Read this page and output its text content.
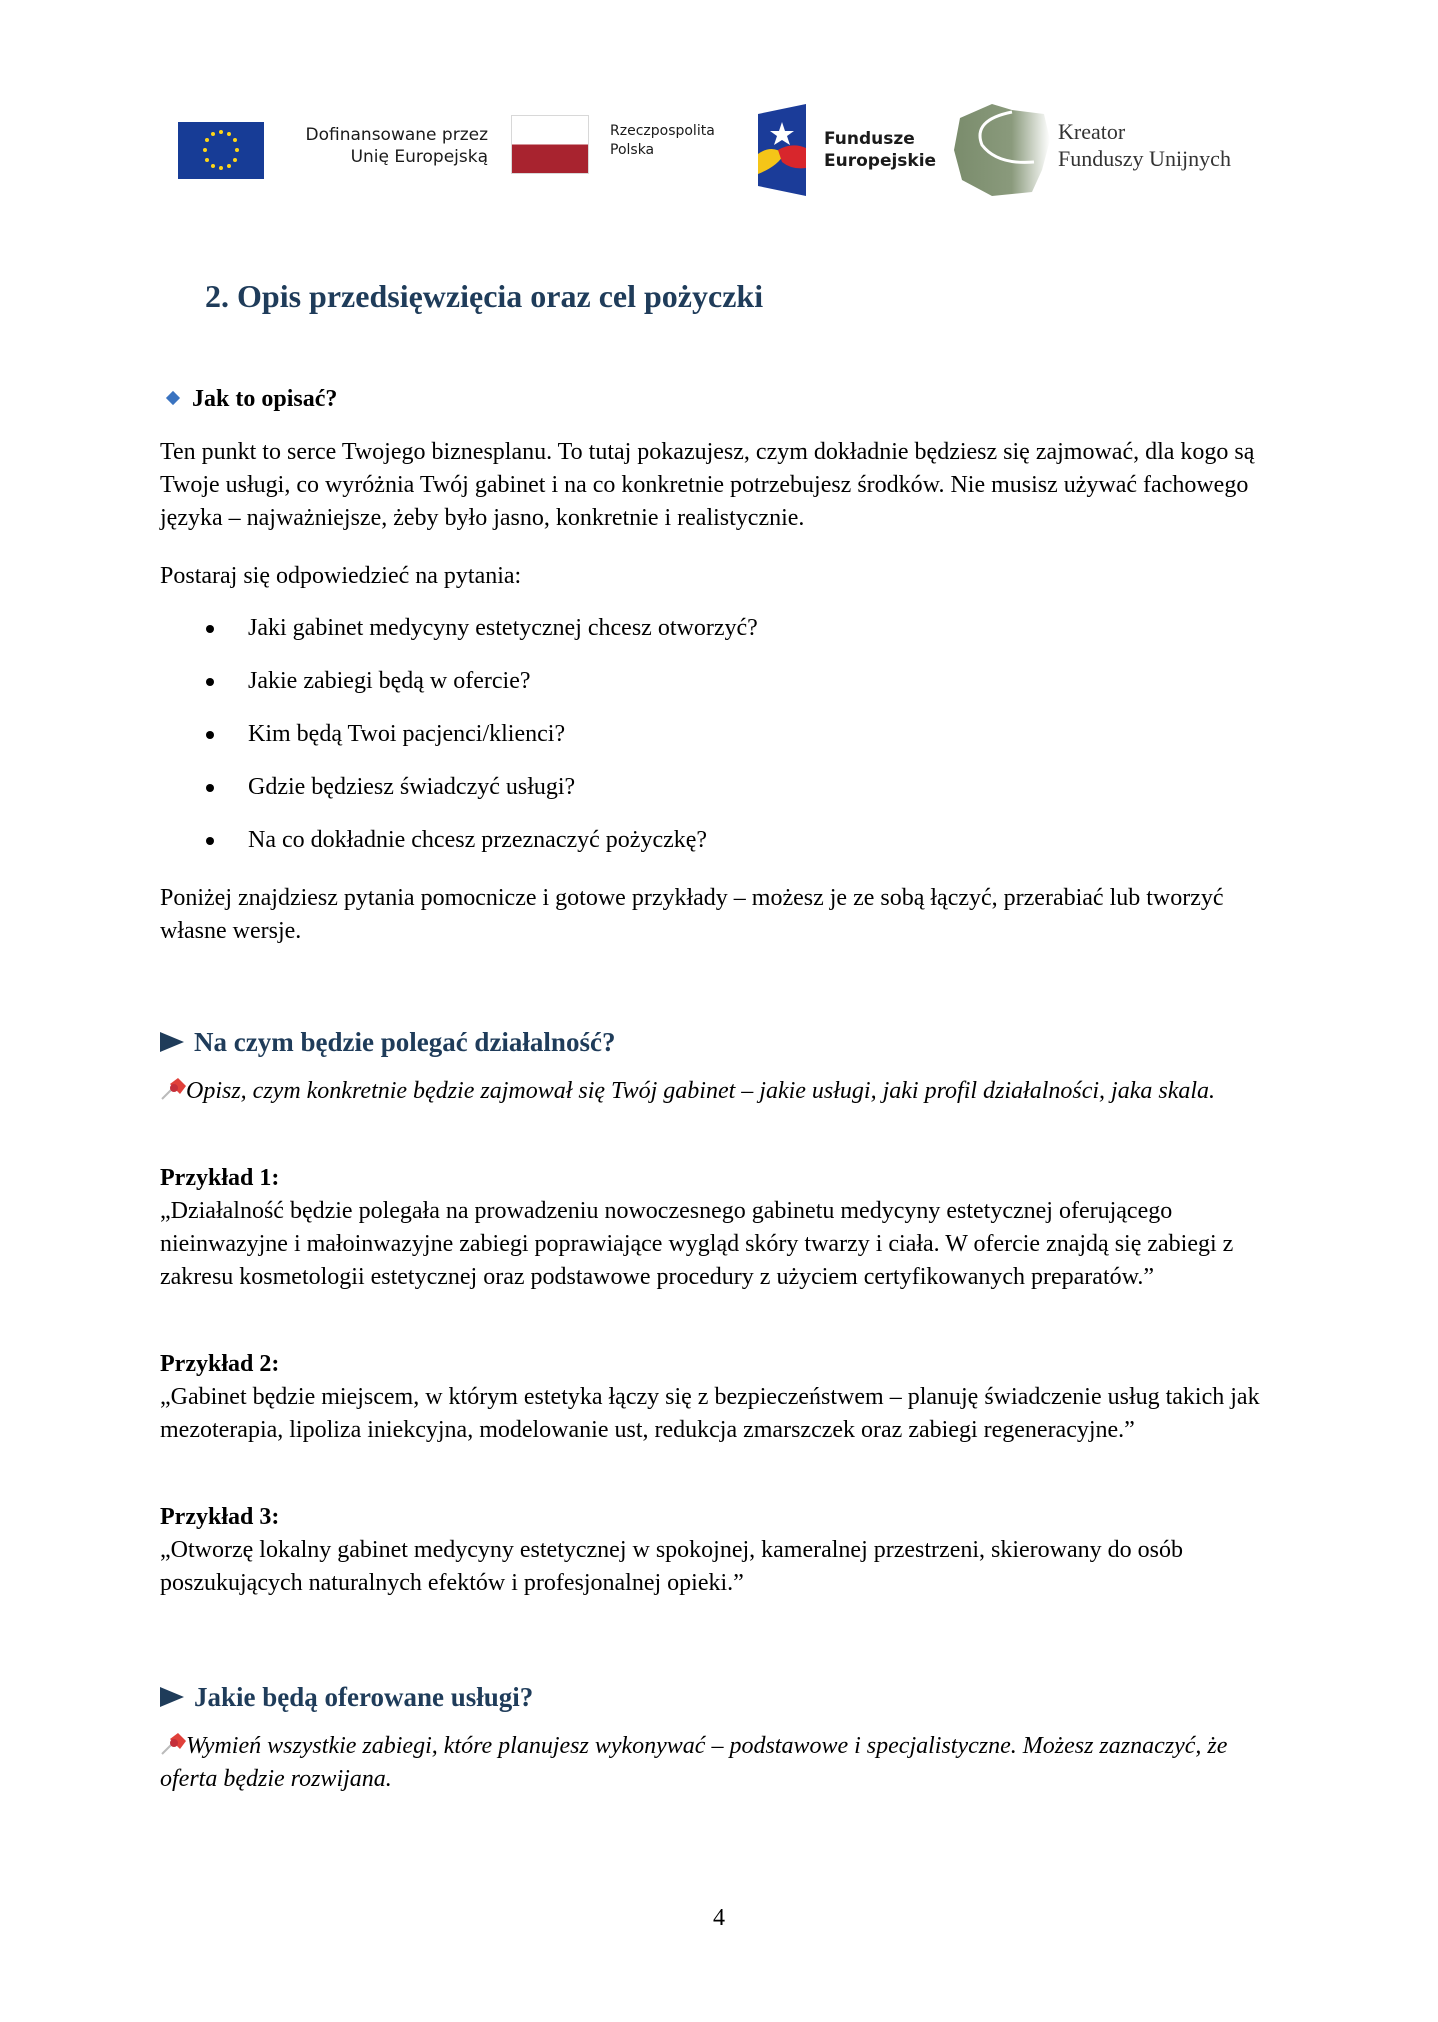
Dofinansowane przez
Unię Europejską
Rzeczpospolita
Polska
Fundusze
Europejskie
Kreator
Funduszy Unijnych
2. Opis przedsięwzięcia oraz cel pożyczki
Jak to opisać?

Ten punkt to serce Twojego biznesplanu. To tutaj pokazujesz, czym dokładnie będziesz się zajmować, dla kogo są Twoje usługi, co wyróżnia Twój gabinet i na co konkretnie potrzebujesz środków. Nie musisz używać fachowego języka – najważniejsze, żeby było jasno, konkretnie i realistycznie.

Postaraj się odpowiedzieć na pytania:

Jaki gabinet medycyny estetycznej chcesz otworzyć?
Jakie zabiegi będą w ofercie?
Kim będą Twoi pacjenci/klienci?
Gdzie będziesz świadczyć usługi?
Na co dokładnie chcesz przeznaczyć pożyczkę?

Poniżej znajdziesz pytania pomocnicze i gotowe przykłady – możesz je ze sobą łączyć, przerabiać lub tworzyć własne wersje.

Na czym będzie polegać działalność?

Opisz, czym konkretnie będzie zajmował się Twój gabinet – jakie usługi, jaki profil działalności, jaka skala.

Przykład 1:
„Działalność będzie polegała na prowadzeniu nowoczesnego gabinetu medycyny estetycznej oferującego nieinwazyjne i małoinwazyjne zabiegi poprawiające wygląd skóry twarzy i ciała. W ofercie znajdą się zabiegi z zakresu kosmetologii estetycznej oraz podstawowe procedury z użyciem certyfikowanych preparatów.”
Przykład 2:
„Gabinet będzie miejscem, w którym estetyka łączy się z bezpieczeństwem – planuję świadczenie usług takich jak mezoterapia, lipoliza iniekcyjna, modelowanie ust, redukcja zmarszczek oraz zabiegi regeneracyjne.”
Przykład 3:
„Otworzę lokalny gabinet medycyny estetycznej w spokojnej, kameralnej przestrzeni, skierowany do osób poszukujących naturalnych efektów i profesjonalnej opieki.”
Jakie będą oferowane usługi?

Wymień wszystkie zabiegi, które planujesz wykonywać – podstawowe i specjalistyczne. Możesz zaznaczyć, że oferta będzie rozwijana.

4
